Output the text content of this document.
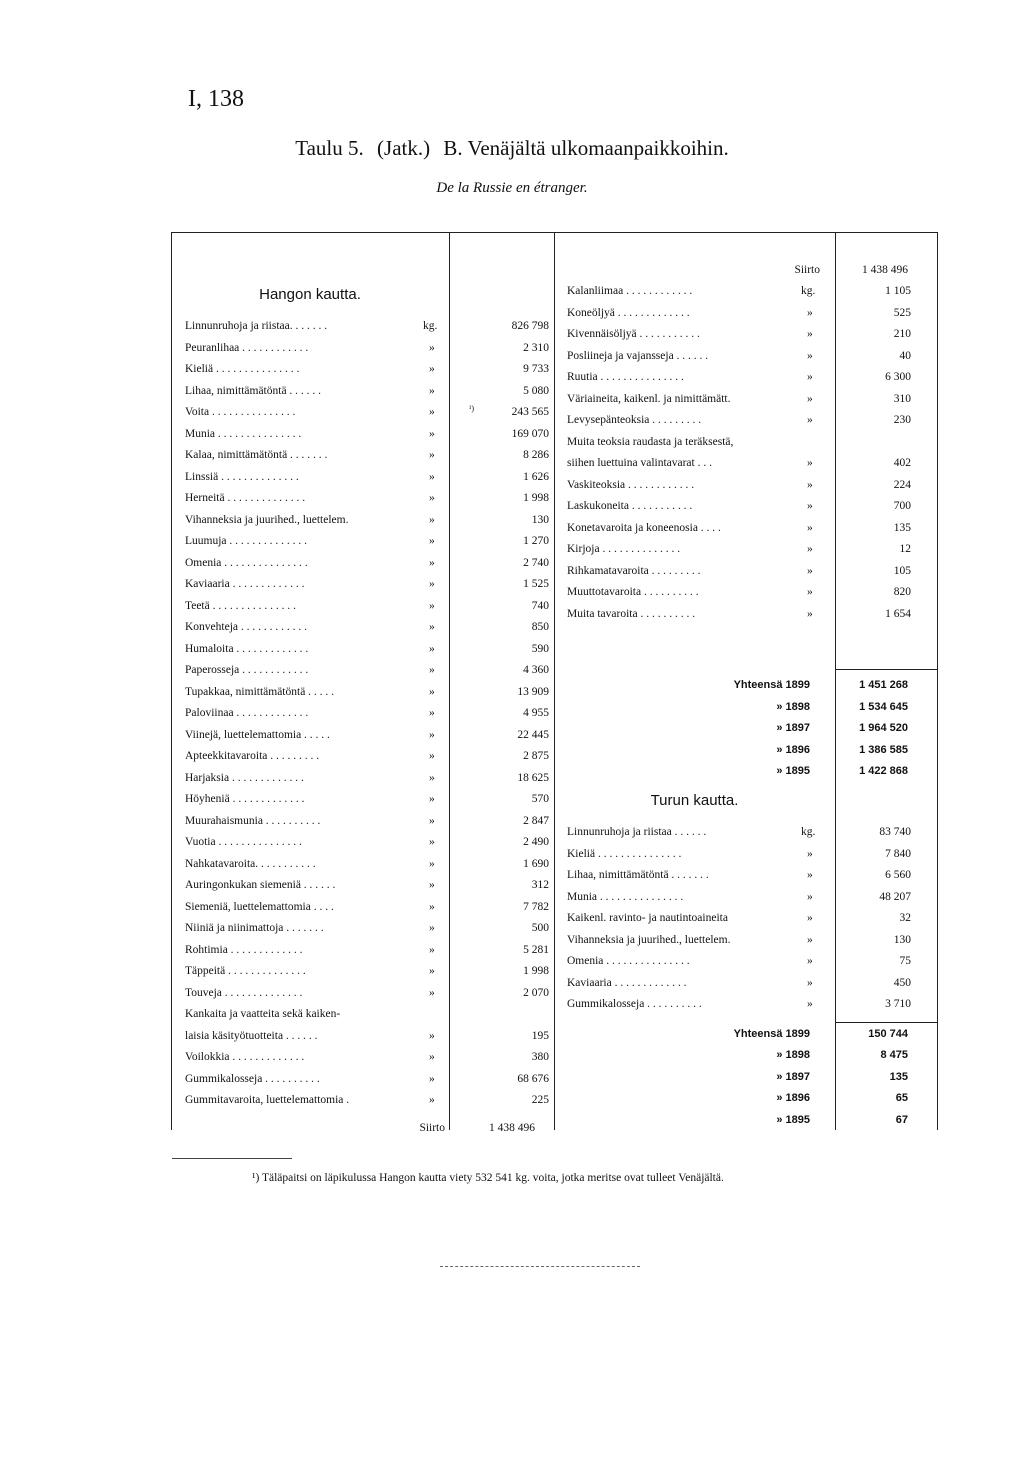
I, 138
Taulu 5. (Jatk.) B. Venäjältä ulkomaanpaikkoihin.
De la Russie en étranger.
Hangon kautta.
Turun kautta.
Linnunruhoja ja riistaa. . . . . . .	kg.	826 798
Peuranlihaa . . . . . . . . . . . .	»	2 310
Kieliä . . . . . . . . . . . . . . .	»	9 733
Lihaa, nimittämätöntä . . . . . .	»	5 080
Voita . . . . . . . . . . . . . . .	»	¹)	243 565
Munia . . . . . . . . . . . . . . .	»	169 070
Kalaa, nimittämätöntä . . . . . . .	»	8 286
Linssiä . . . . . . . . . . . . . .	»	1 626
Herneitä . . . . . . . . . . . . . .	»	1 998
Vihanneksia ja juurihed., luettelem.	»	130
Luumuja . . . . . . . . . . . . . .	»	1 270
Omenia . . . . . . . . . . . . . . .	»	2 740
Kaviaaria . . . . . . . . . . . . .	»	1 525
Teetä . . . . . . . . . . . . . . .	»	740
Konvehteja . . . . . . . . . . . .	»	850
Humaloita . . . . . . . . . . . . .	»	590
Paperosseja . . . . . . . . . . . .	»	4 360
Tupakkaa, nimittämätöntä . . . . .	»	13 909
Paloviinaa . . . . . . . . . . . . .	»	4 955
Viinejä, luettelemattomia . . . . .	»	22 445
Apteekkitavaroita . . . . . . . . .	»	2 875
Harjaksia . . . . . . . . . . . . .	»	18 625
Höyheniä . . . . . . . . . . . . .	»	570
Muurahaismunia . . . . . . . . . .	»	2 847
Vuotia . . . . . . . . . . . . . . .	»	2 490
Nahkatavaroita. . . . . . . . . . .	»	1 690
Auringonkukan siemeniä . . . . . .	»	312
Siemeniä, luettelemattomia . . . .	»	7 782
Niiniä ja niinimattoja . . . . . . .	»	500
Rohtimia . . . . . . . . . . . . .	»	5 281
Täppeitä . . . . . . . . . . . . . .	»	1 998
Touveja . . . . . . . . . . . . . .	»	2 070
Kankaita ja vaatteita sekä kaiken-
laisia käsityötuotteita . . . . . .	»	195
Voilokkia . . . . . . . . . . . . .	»	380
Gummikalosseja . . . . . . . . . .	»	68 676
Gummitavaroita, luettelemattomia .	»	225
Siirto	1 438 496
Siirto	1 438 496
Kalanliimaa . . . . . . . . . . . .	kg.	1 105
Koneöljyä . . . . . . . . . . . . .	»	525
Kivennäisöljyä . . . . . . . . . . .	»	210
Posliineja ja vajansseja . . . . . .	»	40
Ruutia . . . . . . . . . . . . . . .	»	6 300
Väriaineita, kaikenl. ja nimittämätt.	»	310
Levysepänteoksia . . . . . . . . .	»	230
Muita teoksia raudasta ja teräksestä,
siihen luettuina valintavarat . . .	»	402
Vaskiteoksia . . . . . . . . . . . .	»	224
Laskukoneita . . . . . . . . . . .	»	700
Konetavaroita ja koneenosia . . . .	»	135
Kirjoja . . . . . . . . . . . . . .	»	12
Rihkamatavaroita . . . . . . . . .	»	105
Muuttotavaroita . . . . . . . . . .	»	820
Muita tavaroita . . . . . . . . . .	»	1 654
Yhteensä 1899	1 451 268
» 1898	1 534 645
» 1897	1 964 520
» 1896	1 386 585
» 1895	1 422 868
Linnunruhoja ja riistaa . . . . . .	kg.	83 740
Kieliä . . . . . . . . . . . . . . .	»	7 840
Lihaa, nimittämätöntä . . . . . . .	»	6 560
Munia . . . . . . . . . . . . . . .	»	48 207
Kaikenl. ravinto- ja nautintoaineita	»	32
Vihanneksia ja juurihed., luettelem.	»	130
Omenia . . . . . . . . . . . . . . .	»	75
Kaviaaria . . . . . . . . . . . . .	»	450
Gummikalosseja . . . . . . . . . .	»	3 710
Yhteensä 1899	150 744
» 1898	8 475
» 1897	135
» 1896	65
» 1895	67
¹) Täläpaitsi on läpikulussa Hangon kautta viety 532 541 kg. voita, jotka meritse ovat tulleet Venäjältä.
